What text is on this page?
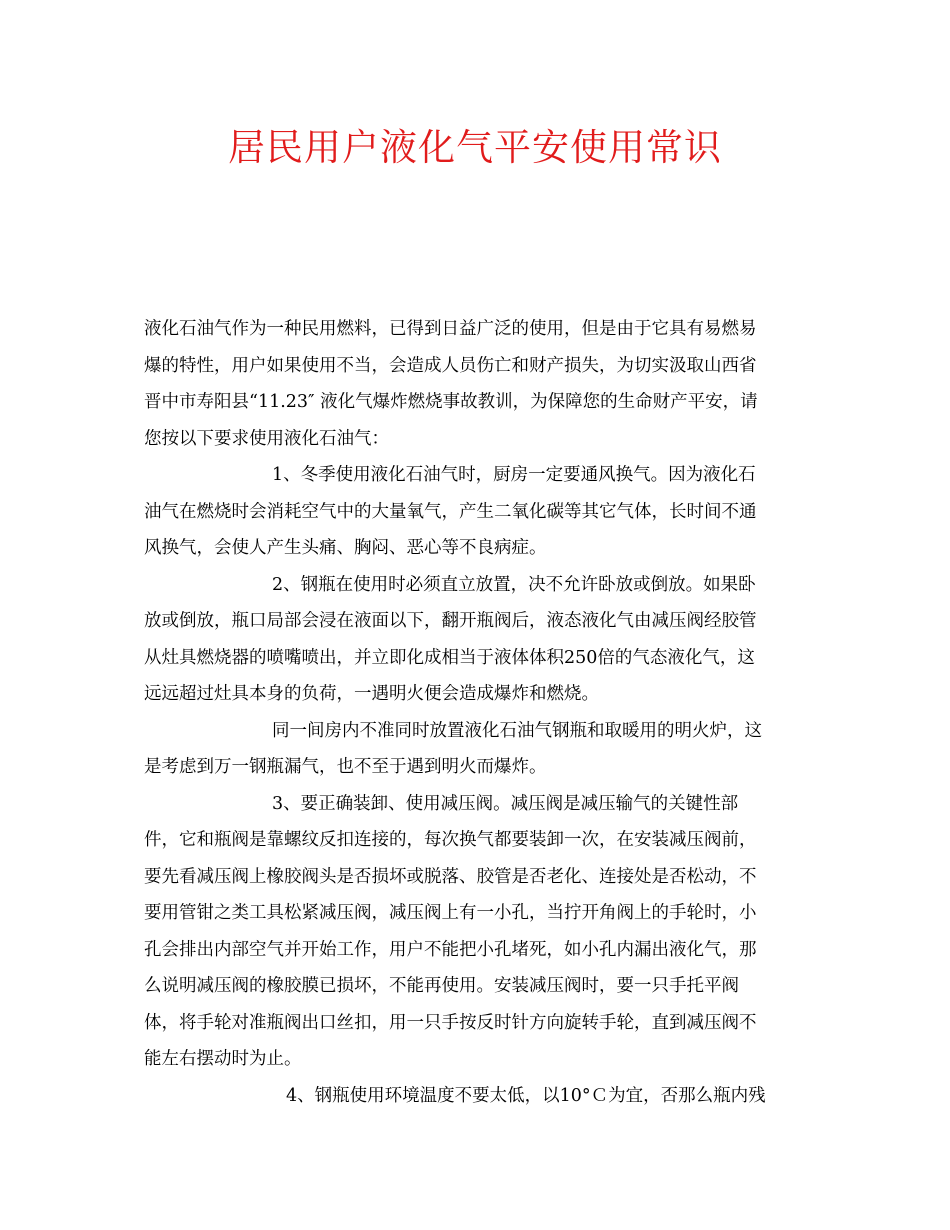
居民用户液化气平安使用常识
液化石油气作为一种民用燃料，已得到日益广泛的使用，但是由于它具有易燃易
爆的特性，用户如果使用不当，会造成人员伤亡和财产损失，为切实汲取山西省
晋中市寿阳县“11.23″ 液化气爆炸燃烧事故教训，为保障您的生命财产平安，请
您按以下要求使用液化石油气：
1、冬季使用液化石油气时，厨房一定要通风换气。因为液化石
油气在燃烧时会消耗空气中的大量氧气，产生二氧化碳等其它气体，长时间不通
风换气，会使人产生头痛、胸闷、恶心等不良病症。
2、钢瓶在使用时必须直立放置，决不允许卧放或倒放。如果卧
放或倒放，瓶口局部会浸在液面以下，翻开瓶阀后，液态液化气由减压阀经胶管
从灶具燃烧器的喷嘴喷出，并立即化成相当于液体体积250倍的气态液化气，这
远远超过灶具本身的负荷，一遇明火便会造成爆炸和燃烧。
同一间房内不准同时放置液化石油气钢瓶和取暖用的明火炉，这
是考虑到万一钢瓶漏气，也不至于遇到明火而爆炸。
3、要正确装卸、使用减压阀。减压阀是减压输气的关键性部
件，它和瓶阀是靠螺纹反扣连接的，每次换气都要装卸一次，在安装减压阀前，
要先看减压阀上橡胶阀头是否损坏或脱落、胶管是否老化、连接处是否松动，不
要用管钳之类工具松紧减压阀，减压阀上有一小孔，当拧开角阀上的手轮时，小
孔会排出内部空气并开始工作，用户不能把小孔堵死，如小孔内漏出液化气，那
么说明减压阀的橡胶膜已损坏，不能再使用。安装减压阀时，要一只手托平阀
体，将手轮对准瓶阀出口丝扣，用一只手按反时针方向旋转手轮，直到减压阀不
能左右摆动时为止。
4、钢瓶使用环境温度不要太低，以10°Ｃ为宜，否那么瓶内残
